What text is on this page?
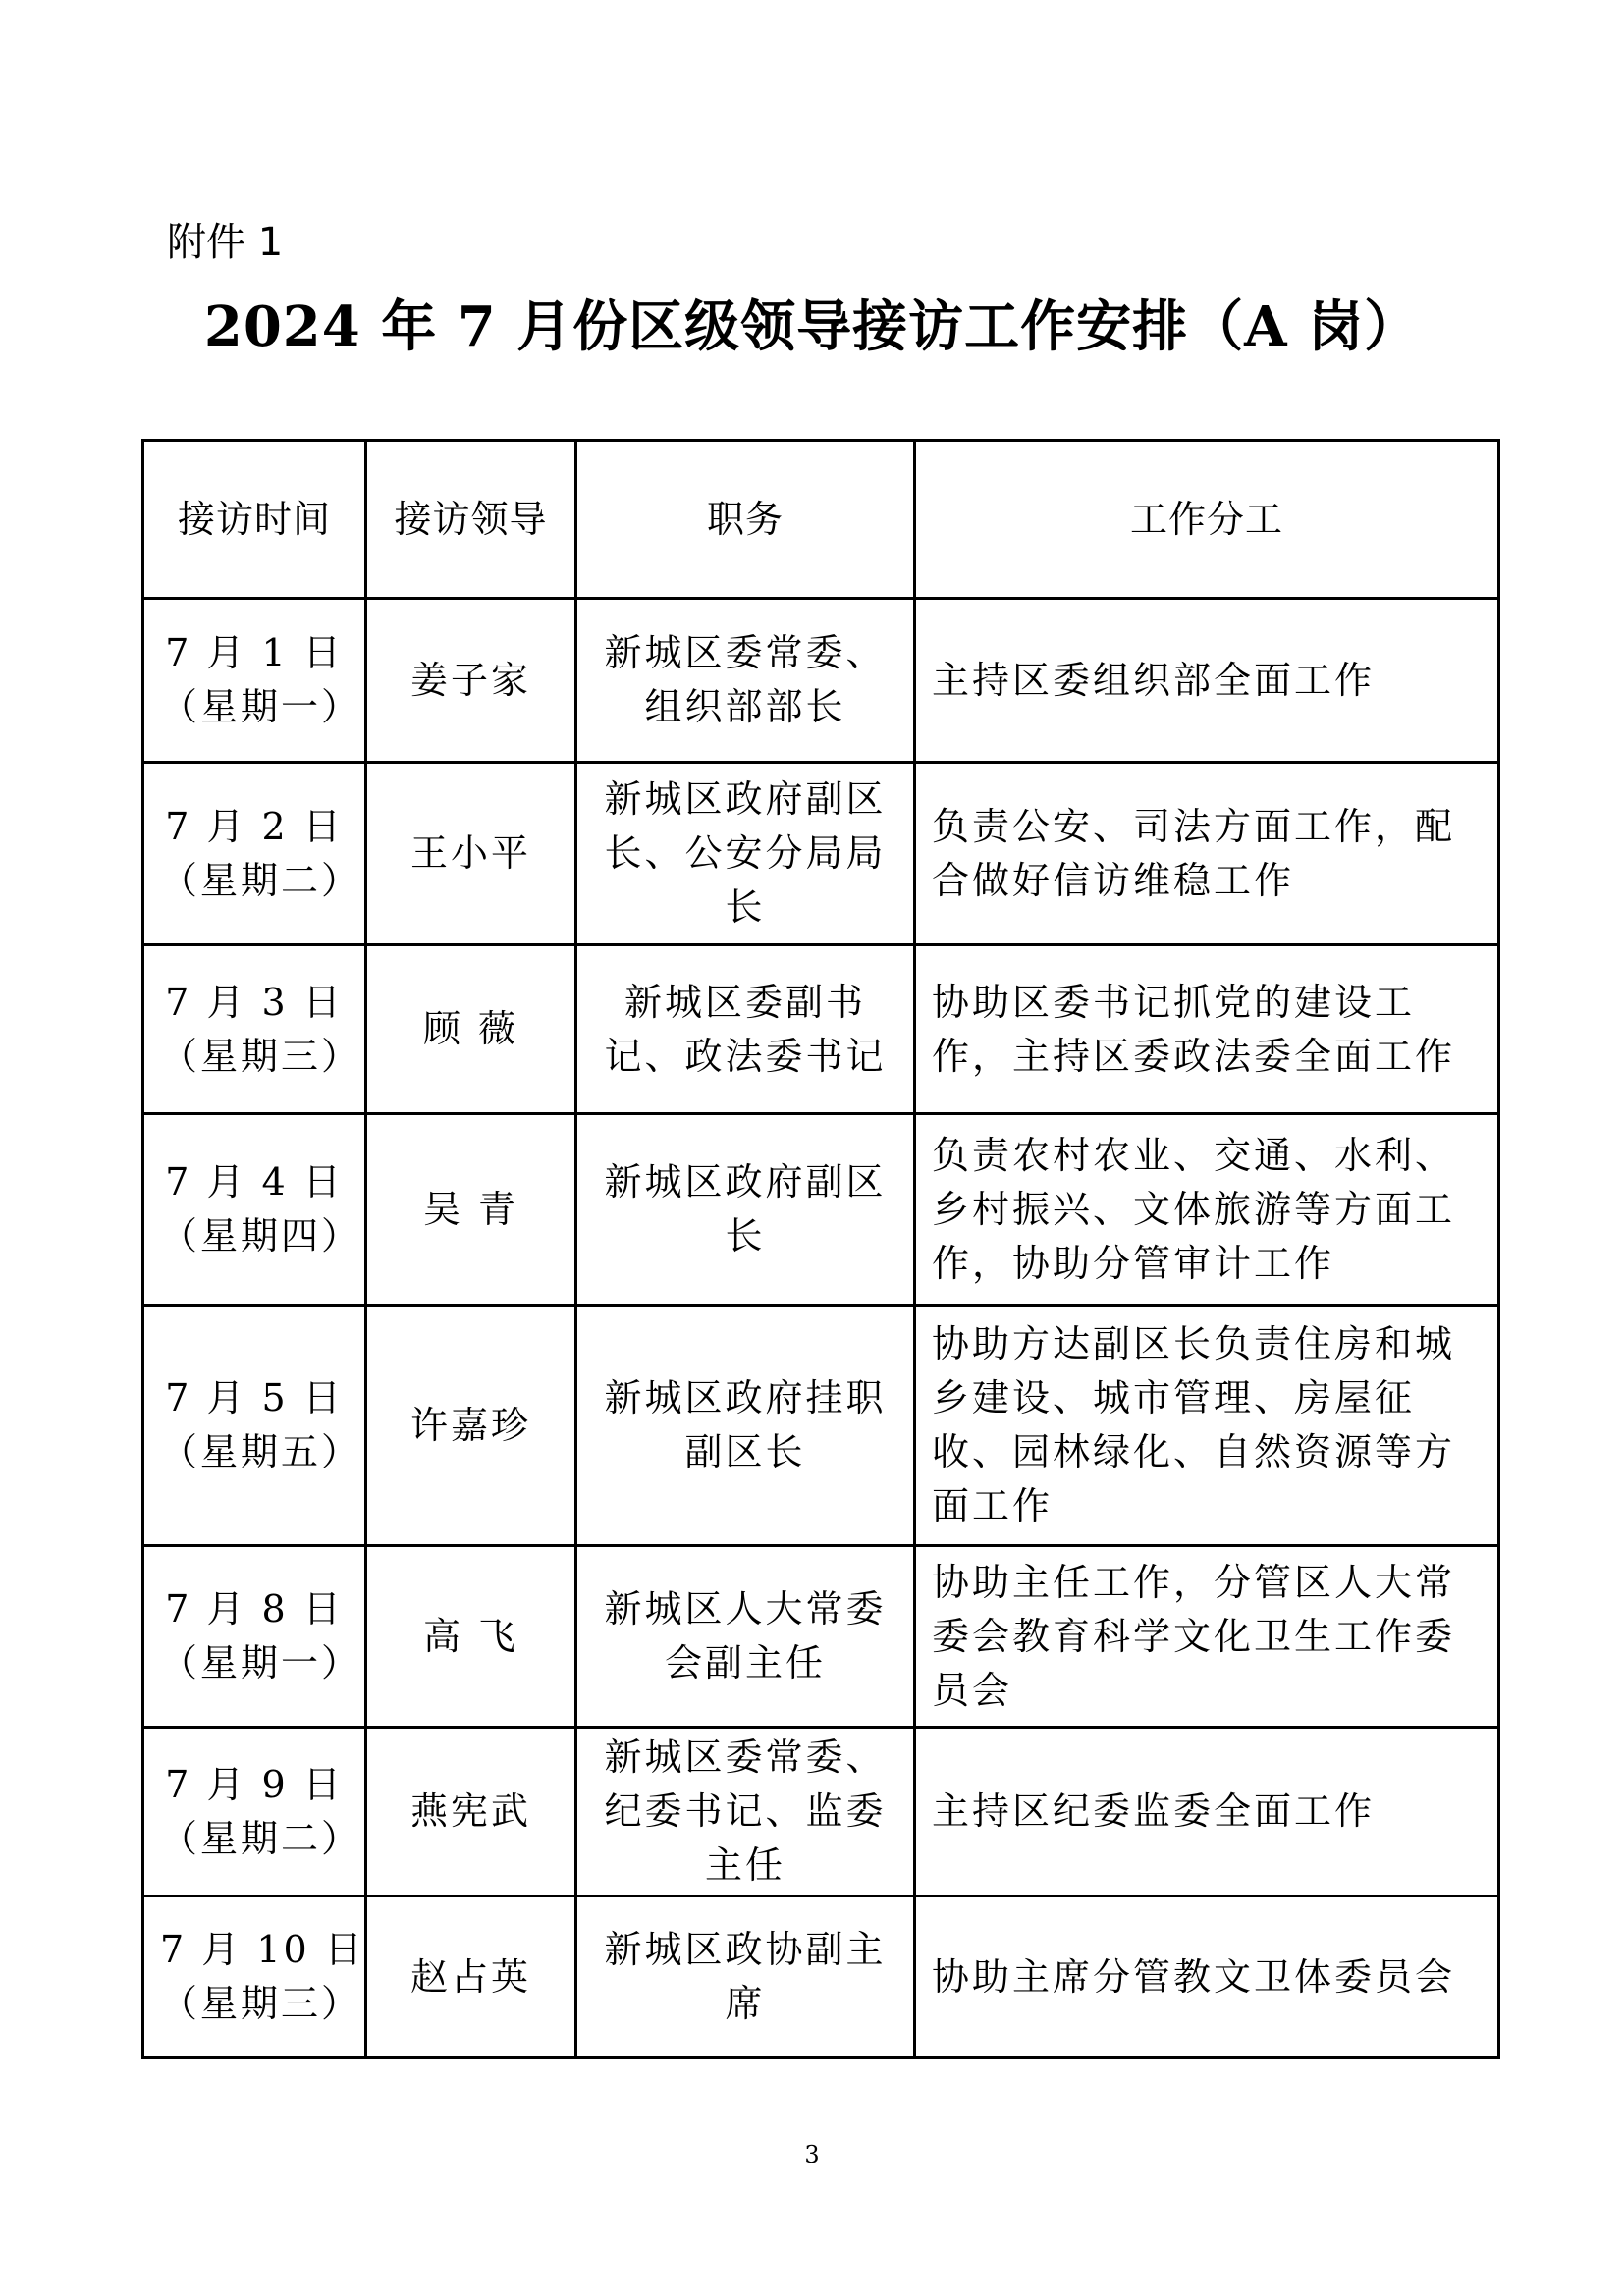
附件 1
2024 年 7 月份区级领导接访工作安排（A 岗）
接访时间	接访领导	职务	工作分工

7 月 1 日
（星期一）	姜子家	新城区委常委、组织部部长	主持区委组织部全面工作

7 月 2 日
（星期二）	王小平	新城区政府副区长、公安分局局长	负责公安、司法方面工作，配合做好信访维稳工作

7 月 3 日
（星期三）	顾 薇	新城区委副书记、政法委书记	协助区委书记抓党的建设工作，主持区委政法委全面工作

7 月 4 日
（星期四）	吴 青	新城区政府副区长	负责农村农业、交通、水利、乡村振兴、文体旅游等方面工作，协助分管审计工作

7 月 5 日
（星期五）	许嘉珍	新城区政府挂职副区长	协助方达副区长负责住房和城乡建设、城市管理、房屋征收、园林绿化、自然资源等方面工作

7 月 8 日
（星期一）	高 飞	新城区人大常委会副主任	协助主任工作，分管区人大常委会教育科学文化卫生工作委员会

7 月 9 日
（星期二）	燕宪武	新城区委常委、纪委书记、监委主任	主持区纪委监委全面工作

7 月 10 日
（星期三）	赵占英	新城区政协副主席	协助主席分管教文卫体委员会
3
